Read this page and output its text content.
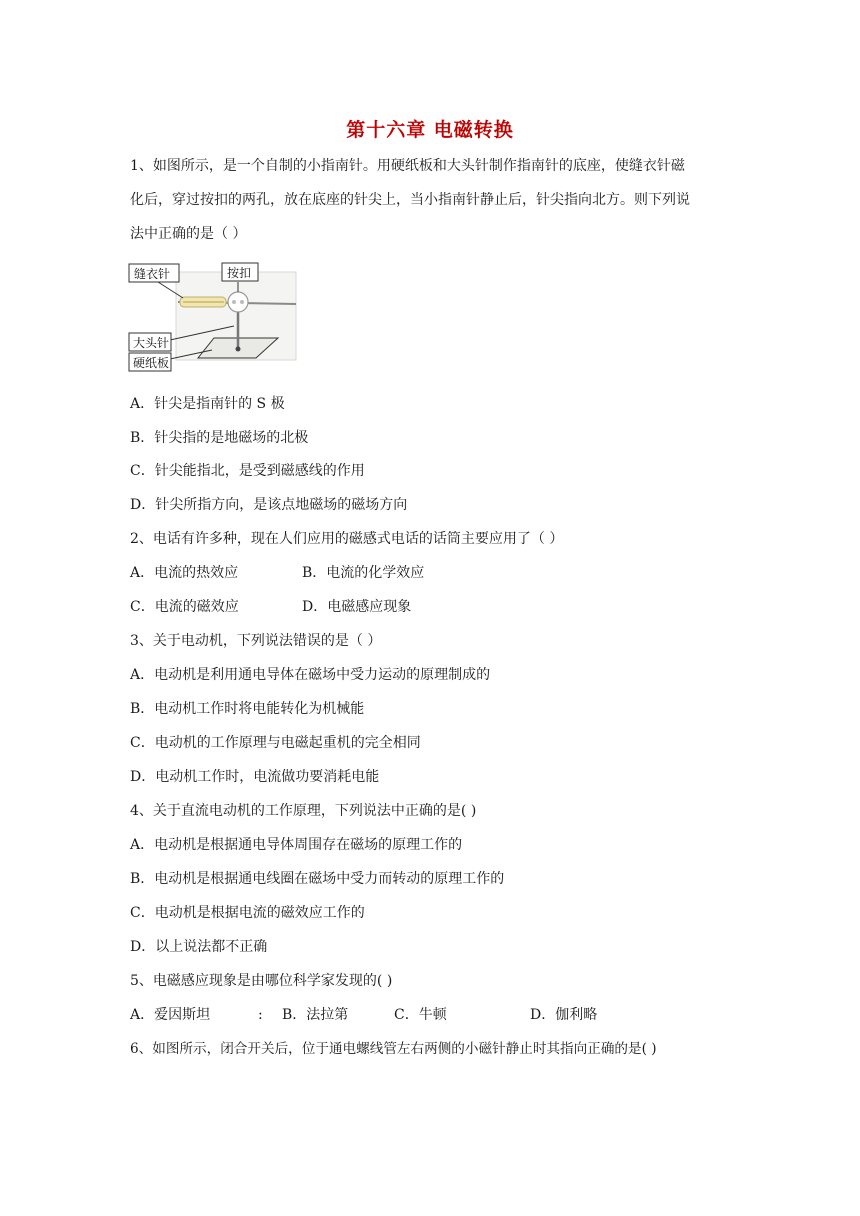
第十六章 电磁转换
1、如图所示，是一个自制的小指南针。用硬纸板和大头针制作指南针的底座，使缝衣针磁
化后，穿过按扣的两孔，放在底座的针尖上，当小指南针静止后，针尖指向北方。则下列说
法中正确的是（ ）
缝衣针	按扣
大头针
硬纸板
A．针尖是指南针的 S 极
B．针尖指的是地磁场的北极
C．针尖能指北，是受到磁感线的作用
D．针尖所指方向，是该点地磁场的磁场方向
2、电话有许多种，现在人们应用的磁感式电话的话筒主要应用了（ ）
A．电流的热效应	B．电流的化学效应
C．电流的磁效应	D．电磁感应现象
3、关于电动机，下列说法错误的是（ ）
A．电动机是利用通电导体在磁场中受力运动的原理制成的
B．电动机工作时将电能转化为机械能
C．电动机的工作原理与电磁起重机的完全相同
D．电动机工作时，电流做功要消耗电能
4、关于直流电动机的工作原理，下列说法中正确的是( )
A．电动机是根据通电导体周围存在磁场的原理工作的
B．电动机是根据通电线圈在磁场中受力而转动的原理工作的
C．电动机是根据电流的磁效应工作的
D．以上说法都不正确
5、电磁感应现象是由哪位科学家发现的( )
A．爱因斯坦	: B．法拉第	C．牛顿	D．伽利略
6、如图所示，闭合开关后，位于通电螺线管左右两侧的小磁针静止时其指向正确的是( )
